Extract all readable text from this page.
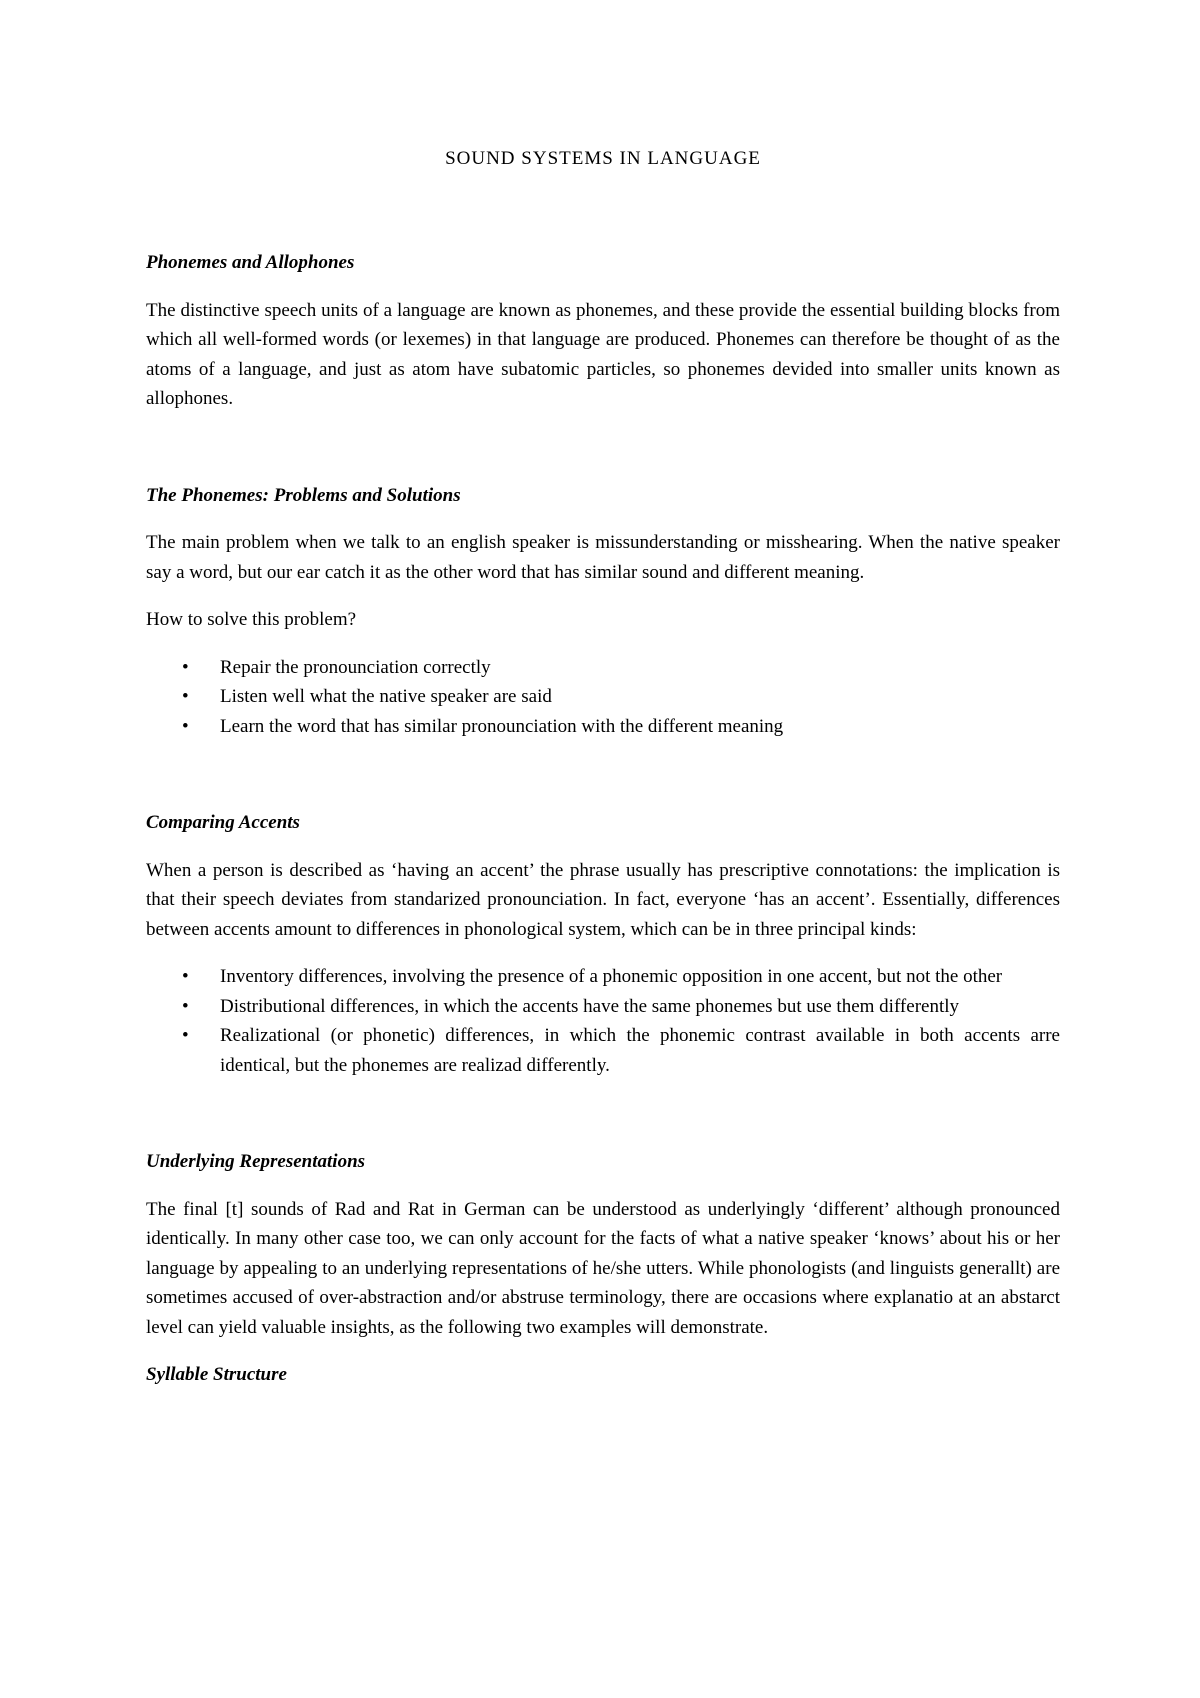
SOUND SYSTEMS IN LANGUAGE
Phonemes and Allophones

The distinctive speech units of a language are known as phonemes, and these provide the essential building blocks from which all well-formed words (or lexemes) in that language are produced. Phonemes can therefore be thought of as the atoms of a language, and just as atom have subatomic particles, so phonemes devided into smaller units known as allophones.

The Phonemes: Problems and Solutions

The main problem when we talk to an english speaker is missunderstanding or misshearing. When the native speaker say a word, but our ear catch it as the other word that has similar sound and different meaning.

How to solve this problem?

• Repair the pronounciation correctly
• Listen well what the native speaker are said
• Learn the word that has similar pronounciation with the different meaning
Comparing Accents

When a person is described as ‘having an accent’ the phrase usually has prescriptive connotations: the implication is that their speech deviates from standarized pronounciation. In fact, everyone ‘has an accent’. Essentially, differences between accents amount to differences in phonological system, which can be in three principal kinds:

• Inventory differences, involving the presence of a phonemic opposition in one accent, but not the other
• Distributional differences, in which the accents have the same phonemes but use them differently
• Realizational (or phonetic) differences, in which the phonemic contrast available in both accents arre identical, but the phonemes are realizad differently.
Underlying Representations

The final [t] sounds of Rad and Rat in German can be understood as underlyingly ‘different’ although pronounced identically. In many other case too, we can only account for the facts of what a native speaker ‘knows’ about his or her language by appealing to an underlying representations of he/she utters. While phonologists (and linguists generallt) are sometimes accused of over-abstraction and/or abstruse terminology, there are occasions where explanatio at an abstarct level can yield valuable insights, as the following two examples will demonstrate.

Syllable Structure
